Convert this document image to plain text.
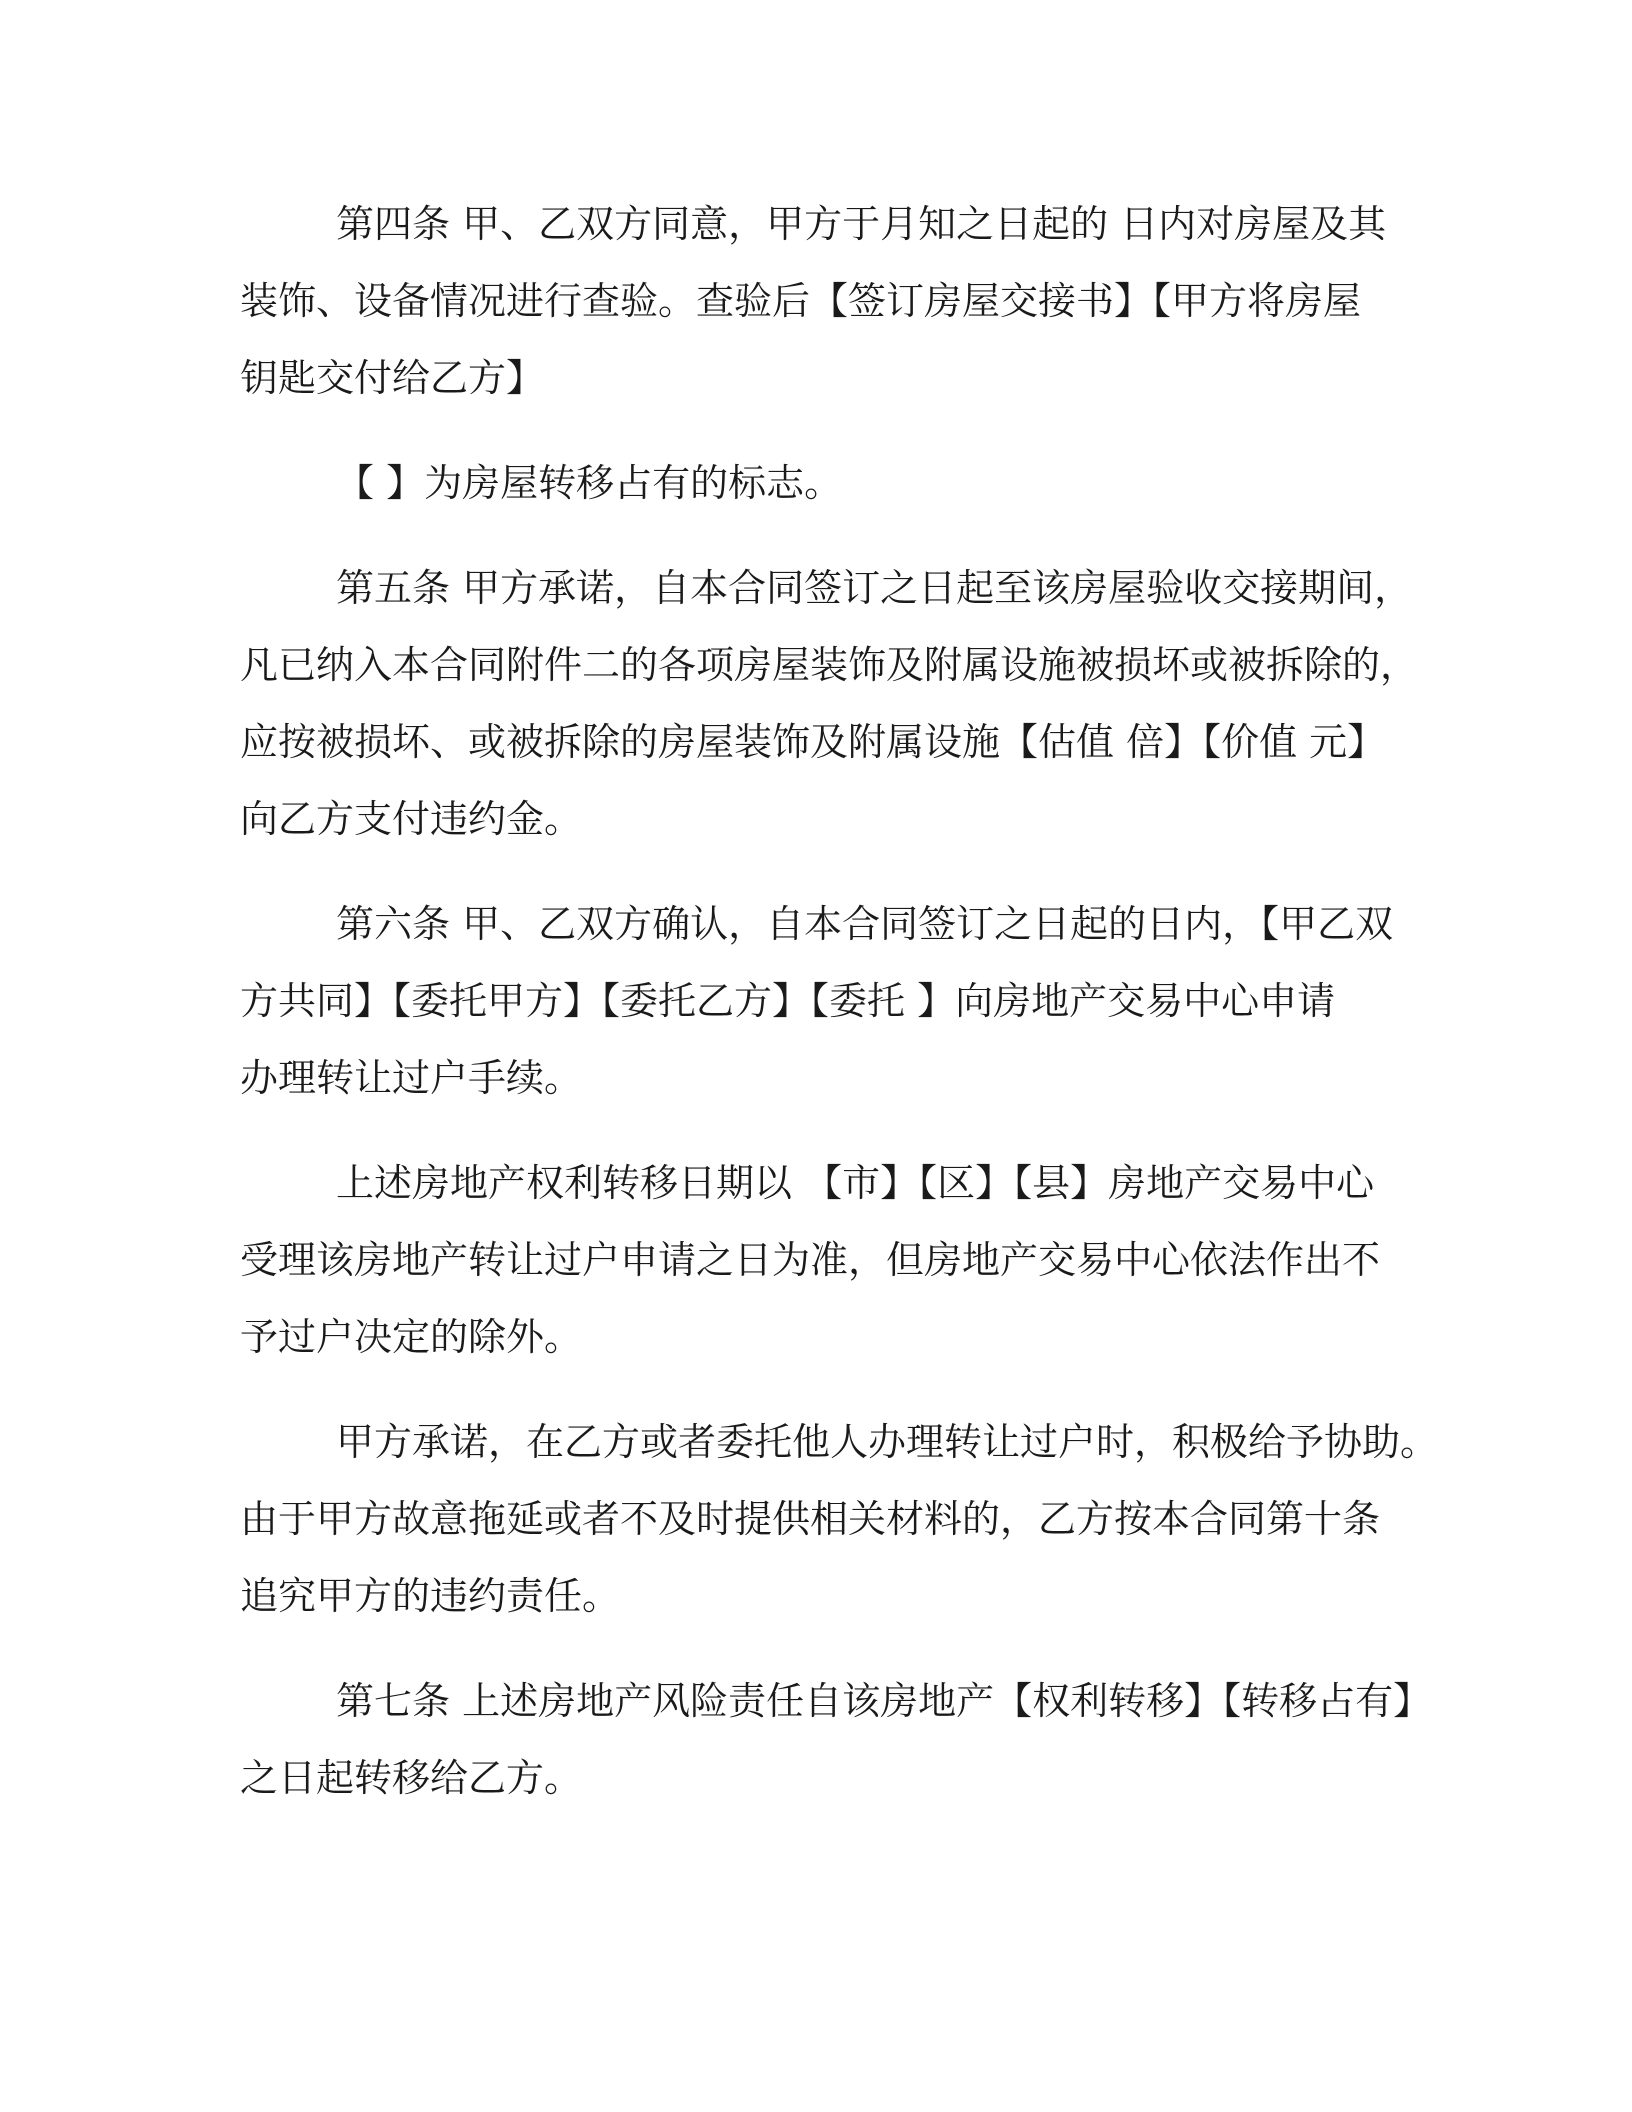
第四条 甲、乙双方同意，甲方于月知之日起的 日内对房屋及其
装饰、设备情况进行查验。查验后【签订房屋交接书】【甲方将房屋
钥匙交付给乙方】

【 】为房屋转移占有的标志。

第五条 甲方承诺，自本合同签订之日起至该房屋验收交接期间，
凡已纳入本合同附件二的各项房屋装饰及附属设施被损坏或被拆除的，
应按被损坏、或被拆除的房屋装饰及附属设施【估值 倍】【价值 元】
向乙方支付违约金。

第六条 甲、乙双方确认，自本合同签订之日起的日内，【甲乙双
方共同】【委托甲方】【委托乙方】【委托 】向房地产交易中心申请
办理转让过户手续。

上述房地产权利转移日期以 【市】【区】【县】房地产交易中心
受理该房地产转让过户申请之日为准，但房地产交易中心依法作出不
予过户决定的除外。

甲方承诺，在乙方或者委托他人办理转让过户时，积极给予协助。
由于甲方故意拖延或者不及时提供相关材料的，乙方按本合同第十条
追究甲方的违约责任。

第七条 上述房地产风险责任自该房地产【权利转移】【转移占有】
之日起转移给乙方。
